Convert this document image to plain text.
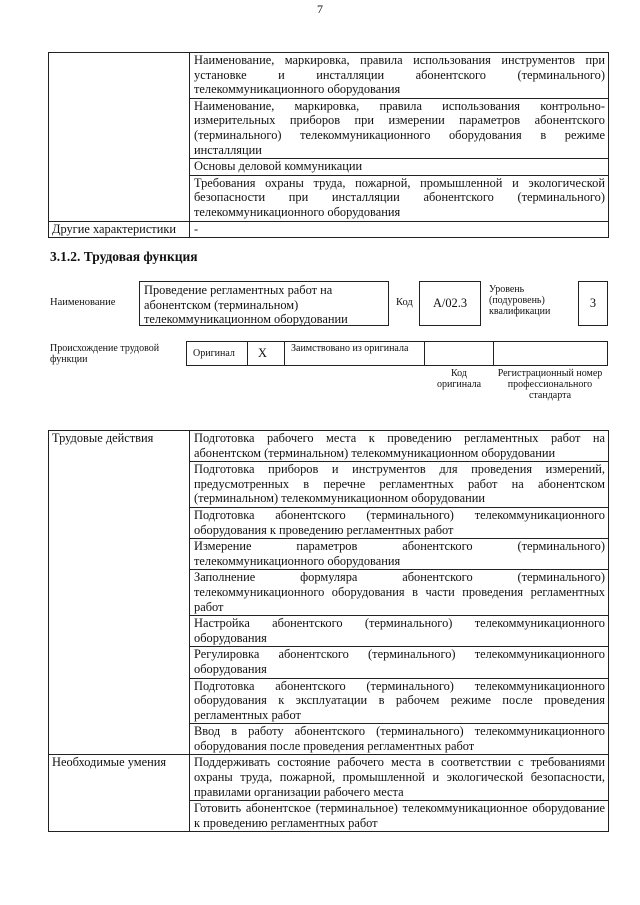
7
	Наименование, маркировка, правила использования инструментов при установке и инсталляции абонентского (терминального) телекоммуникационного оборудования
	Наименование, маркировка, правила использования контрольно-измерительных приборов при измерении параметров абонентского (терминального) телекоммуникационного оборудования в режиме инсталляции
	Основы деловой коммуникации
	Требования охраны труда, пожарной, промышленной и экологической безопасности при инсталляции абонентского (терминального) телекоммуникационного оборудования
Другие характеристики	-
3.1.2. Трудовая функция
Наименование
Проведение регламентных работ на абонентском (терминальном) телекоммуникационном оборудовании
Код	А/02.3
Уровень (подуровень) квалификации
3
Происхождение трудовой функции
Оригинал X Заимствовано из оригинала
Код оригинала
Регистрационный номер профессионального стандарта
Трудовые действия	Подготовка рабочего места к проведению регламентных работ на абонентском (терминальном) телекоммуникационном оборудовании
	Подготовка приборов и инструментов для проведения измерений, предусмотренных в перечне регламентных работ на абонентском (терминальном) телекоммуникационном оборудовании
	Подготовка абонентского (терминального) телекоммуникационного оборудования к проведению регламентных работ
	Измерение параметров абонентского (терминального) телекоммуникационного оборудования
	Заполнение формуляра абонентского (терминального) телекоммуникационного оборудования в части проведения регламентных работ
	Настройка абонентского (терминального) телекоммуникационного оборудования
	Регулировка абонентского (терминального) телекоммуникационного оборудования
	Подготовка абонентского (терминального) телекоммуникационного оборудования к эксплуатации в рабочем режиме после проведения регламентных работ
	Ввод в работу абонентского (терминального) телекоммуникационного оборудования после проведения регламентных работ
Необходимые умения	Поддерживать состояние рабочего места в соответствии с требованиями охраны труда, пожарной, промышленной и экологической безопасности, правилами организации рабочего места
	Готовить абонентское (терминальное) телекоммуникационное оборудование к проведению регламентных работ
